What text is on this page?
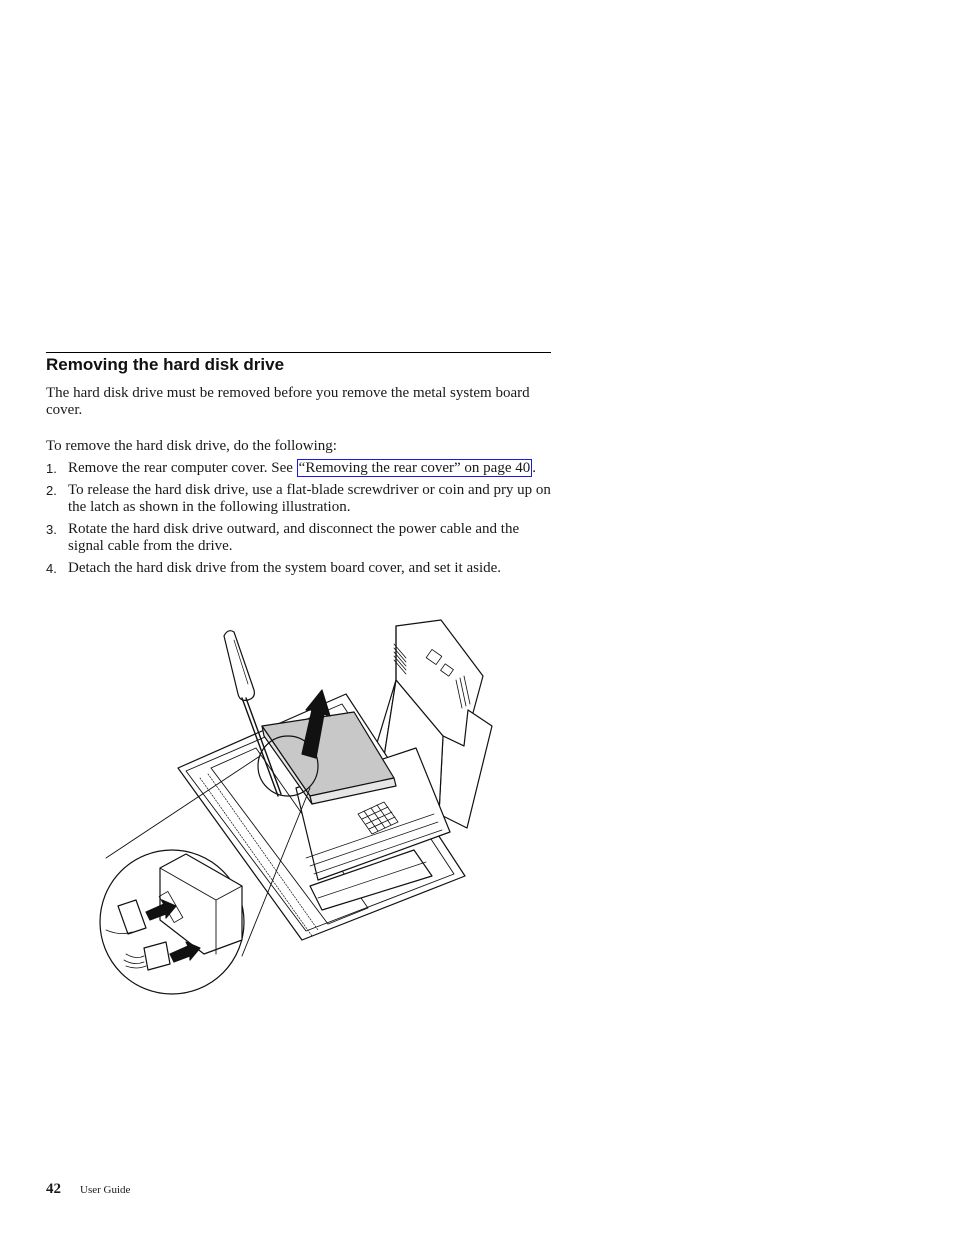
Removing the hard disk drive

The hard disk drive must be removed before you remove the metal system board cover.

To remove the hard disk drive, do the following:

1. Remove the rear computer cover. See “Removing the rear cover” on page 40 .
2. To release the hard disk drive, use a flat-blade screwdriver or coin and pry up on the latch as shown in the following illustration.
3. Rotate the hard disk drive outward, and disconnect the power cable and the signal cable from the drive.
4. Detach the hard disk drive from the system board cover, and set it aside.
42 User Guide
